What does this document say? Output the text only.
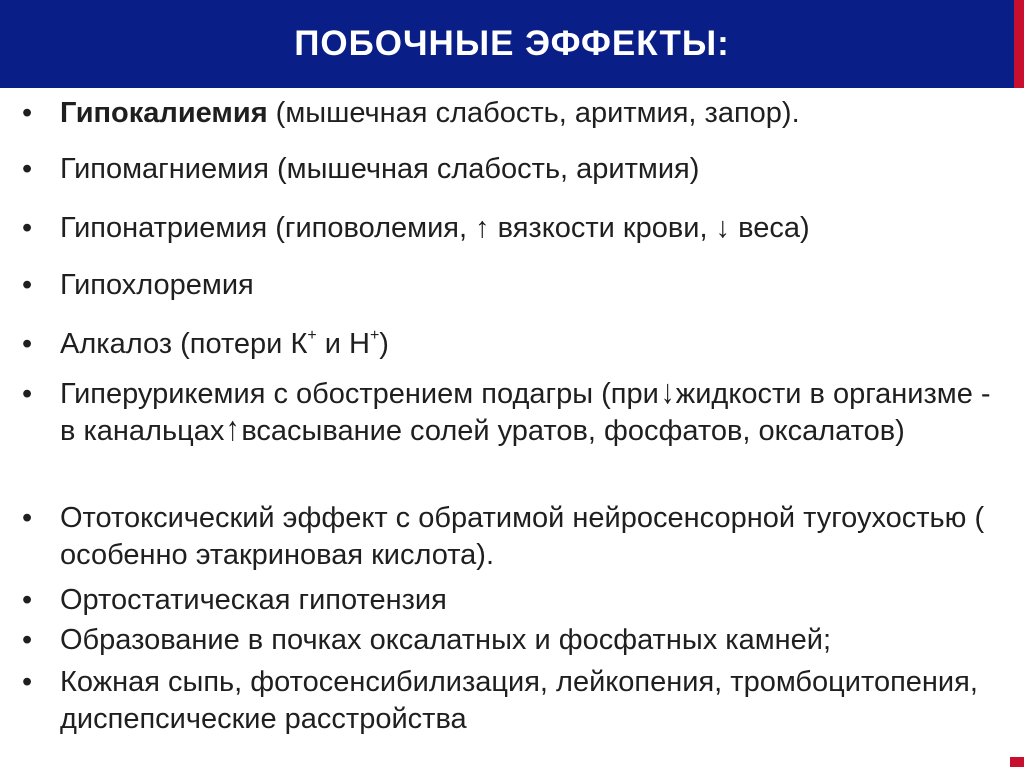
ПОБОЧНЫЕ ЭФФЕКТЫ:
• Гипокалиемия (мышечная слабость, аритмия, запор).
• Гипомагниемия (мышечная слабость, аритмия)
• Гипонатриемия (гиповолемия, ↑ вязкости крови, ↓ веса)
• Гипохлоремия
• Алкалоз (потери К+ и Н+)
• Гиперурикемия с обострением подагры (при↓жидкости в организме - в канальцах↑всасывание солей уратов, фосфатов, оксалатов)
• Ототоксический эффект с обратимой нейросенсорной тугоухостью ( особенно этакриновая кислота).
• Ортостатическая гипотензия
• Образование в почках оксалатных и фосфатных камней;
• Кожная сыпь, фотосенсибилизация, лейкопения, тромбоцитопения, диспепсические расстройства
